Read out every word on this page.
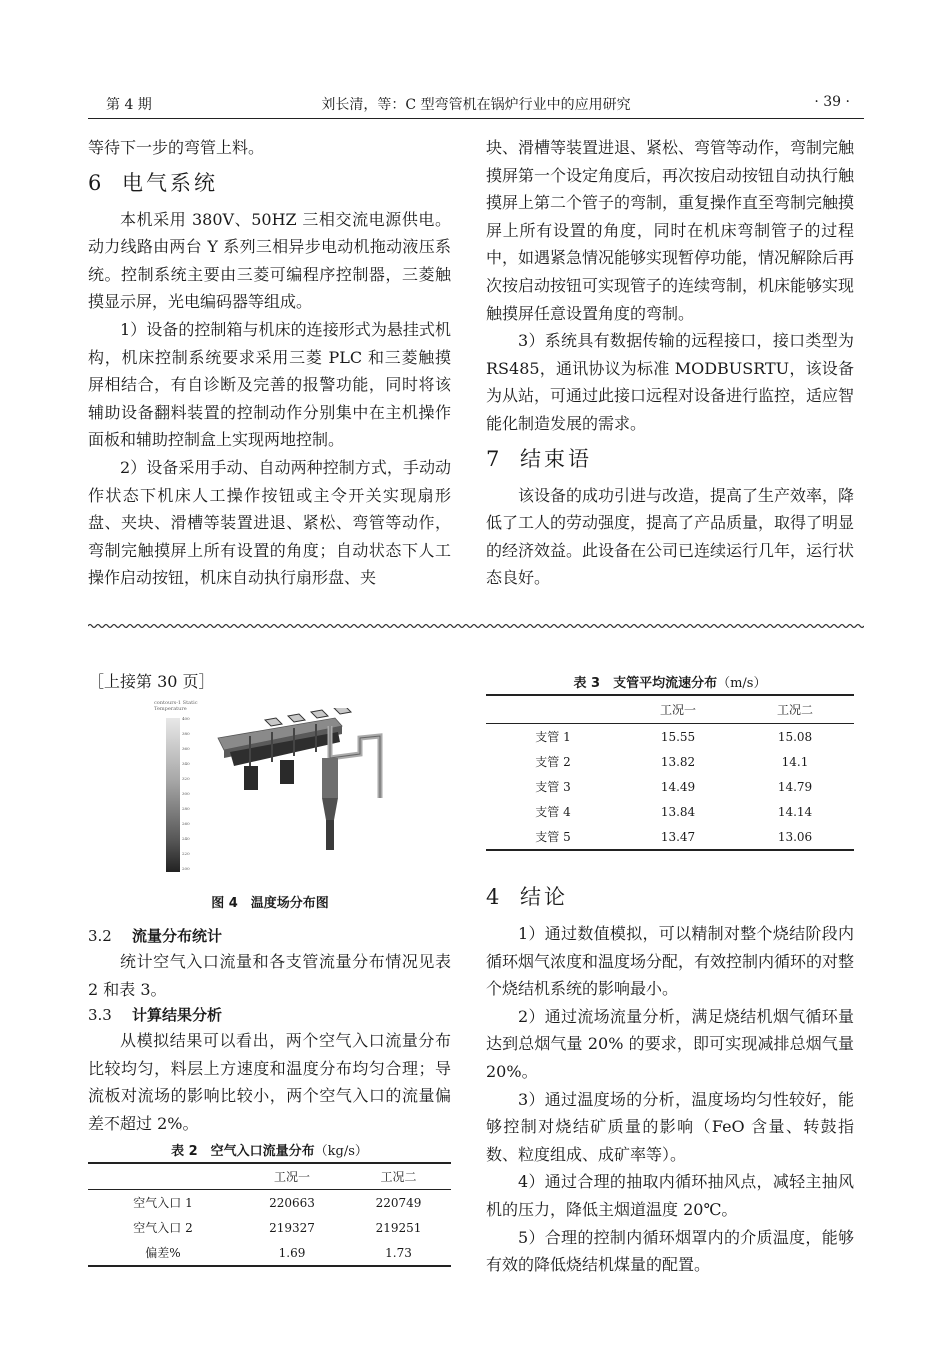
第 4 期	刘长清，等：C 型弯管机在锅炉行业中的应用研究	· 39 ·

等待下一步的弯管上料。

6 电气系统

本机采用 380V、50HZ 三相交流电源供电。动力线路由两台 Y 系列三相异步电动机拖动液压系统。控制系统主要由三菱可编程序控制器，三菱触摸显示屏，光电编码器等组成。

1）设备的控制箱与机床的连接形式为悬挂式机构，机床控制系统要求采用三菱 PLC 和三菱触摸屏相结合，有自诊断及完善的报警功能，同时将该辅助设备翻料装置的控制动作分别集中在主机操作面板和辅助控制盒上实现两地控制。

2）设备采用手动、自动两种控制方式，手动动作状态下机床人工操作按钮或主令开关实现扇形盘、夹块、滑槽等装置进退、紧松、弯管等动作，弯制完触摸屏上所有设置的角度；自动状态下人工操作启动按钮，机床自动执行扇形盘、夹

块、滑槽等装置进退、紧松、弯管等动作，弯制完触摸屏第一个设定角度后，再次按启动按钮自动执行触摸屏上第二个管子的弯制，重复操作直至弯制完触摸屏上所有设置的角度，同时在机床弯制管子的过程中，如遇紧急情况能够实现暂停功能，情况解除后再次按启动按钮可实现管子的连续弯制，机床能够实现触摸屏任意设置角度的弯制。

3）系统具有数据传输的远程接口，接口类型为 RS485，通讯协议为标准 MODBUSRTU，该设备为从站，可通过此接口远程对设备进行监控，适应智能化制造发展的需求。

7 结束语

该设备的成功引进与改造，提高了生产效率，降低了工人的劳动强度，提高了产品质量，取得了明显的经济效益。此设备在公司已连续运行几年，运行状态良好。

［上接第 30 页］

contours-1 Static Temperature
400
380
360
340
320
300
280
260
240
220
200
图 4　温度场分布图

3.2 流量分布统计

统计空气入口流量和各支管流量分布情况见表 2 和表 3。

3.3 计算结果分析

从模拟结果可以看出，两个空气入口流量分布比较均匀，料层上方速度和温度分布均匀合理；导流板对流场的影响比较小，两个空气入口的流量偏差不超过 2%。

表 2　空气入口流量分布（kg/s）
	工况一	工况二
空气入口 1	220663	220749
空气入口 2	219327	219251
偏差%	1.69	1.73
表 3　支管平均流速分布（m/s）
	工况一	工况二
支管 1	15.55	15.08
支管 2	13.82	14.1
支管 3	14.49	14.79
支管 4	13.84	14.14
支管 5	13.47	13.06

4 结论

1）通过数值模拟，可以精制对整个烧结阶段内循环烟气浓度和温度场分配，有效控制内循环的对整个烧结机系统的影响最小。

2）通过流场流量分析，满足烧结机烟气循环量达到总烟气量 20% 的要求，即可实现减排总烟气量 20%。

3）通过温度场的分析，温度场均匀性较好，能够控制对烧结矿质量的影响（FeO 含量、转鼓指数、粒度组成、成矿率等）。

4）通过合理的抽取内循环抽风点，减轻主抽风机的压力，降低主烟道温度 20℃。

5）合理的控制内循环烟罩内的介质温度，能够有效的降低烧结机煤量的配置。
